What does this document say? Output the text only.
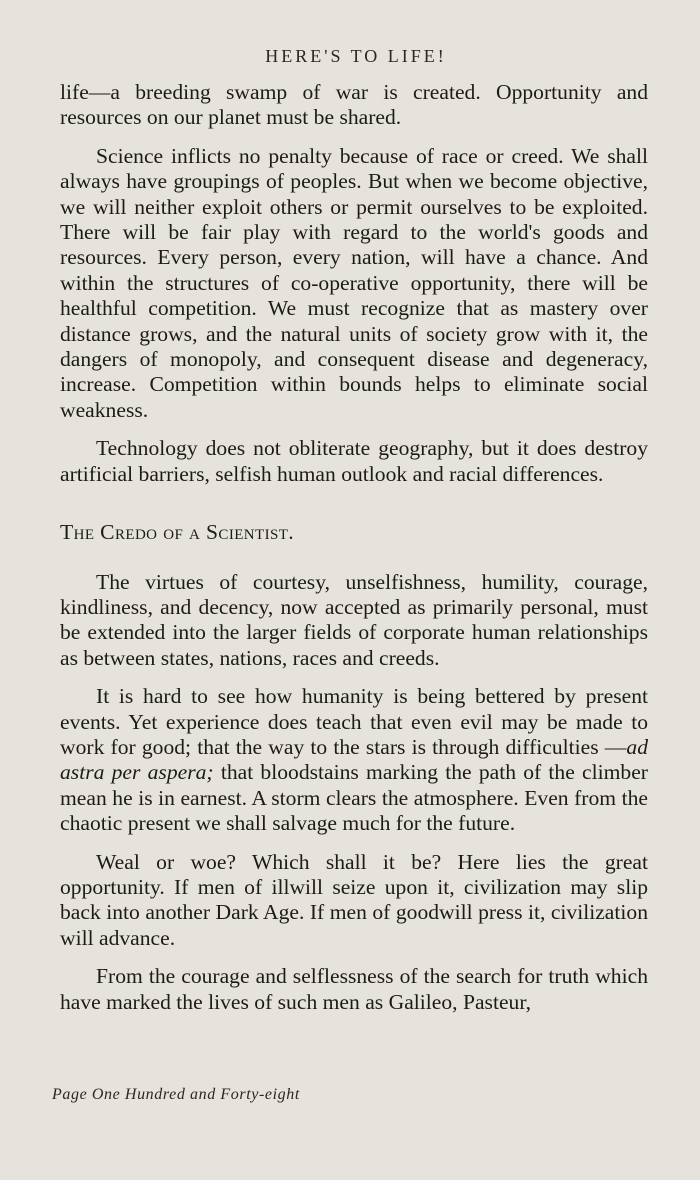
HERE'S TO LIFE!

life—a breeding swamp of war is created. Opportunity and resources on our planet must be shared.

Science inflicts no penalty because of race or creed. We shall always have groupings of peoples. But when we become objective, we will neither exploit others or permit ourselves to be exploited. There will be fair play with regard to the world's goods and resources. Every person, every nation, will have a chance. And within the structures of co-operative opportunity, there will be healthful competition. We must recognize that as mastery over distance grows, and the natural units of society grow with it, the dangers of monopoly, and consequent disease and degeneracy, increase. Competition within bounds helps to eliminate social weakness.

Technology does not obliterate geography, but it does destroy artificial barriers, selfish human outlook and racial differences.

The Credo of a Scientist.

The virtues of courtesy, unselfishness, humility, courage, kindliness, and decency, now accepted as primarily personal, must be extended into the larger fields of corporate human relationships as between states, nations, races and creeds.

It is hard to see how humanity is being bettered by present events. Yet experience does teach that even evil may be made to work for good; that the way to the stars is through difficulties —ad astra per aspera; that bloodstains marking the path of the climber mean he is in earnest. A storm clears the atmosphere. Even from the chaotic present we shall salvage much for the future.

Weal or woe? Which shall it be? Here lies the great opportunity. If men of illwill seize upon it, civilization may slip back into another Dark Age. If men of goodwill press it, civilization will advance.

From the courage and selflessness of the search for truth which have marked the lives of such men as Galileo, Pasteur,

Page One Hundred and Forty-eight
